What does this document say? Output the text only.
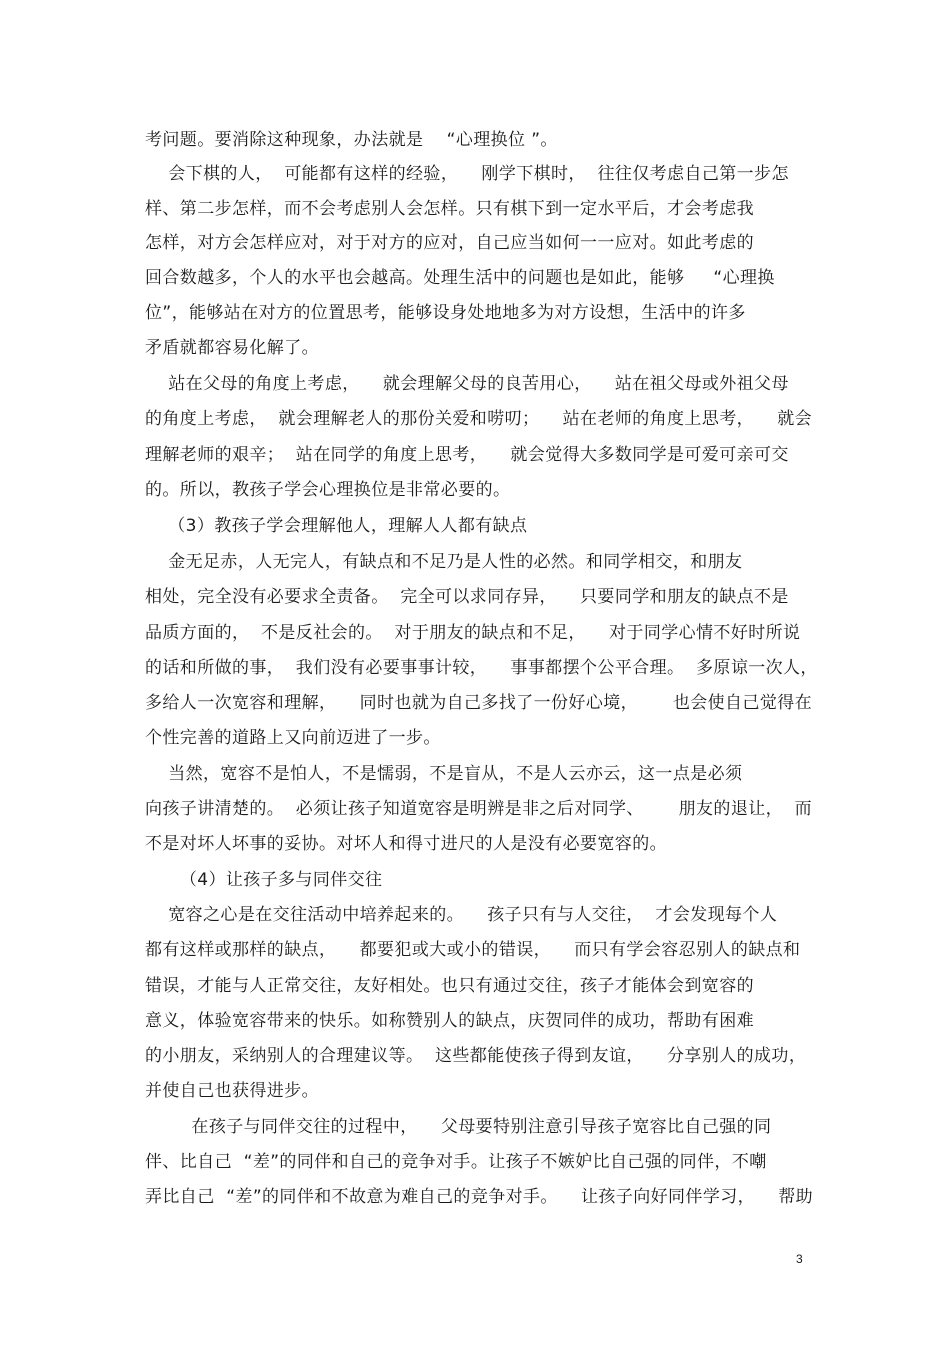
考问题。要消除这种现象，办法就是    “心理换位 ”。
会下棋的人，  可能都有这样的经验，    刚学下棋时，  往往仅考虑自己第一步怎
样、第二步怎样，而不会考虑别人会怎样。只有棋下到一定水平后，才会考虑我
怎样，对方会怎样应对，对于对方的应对，自己应当如何一一应对。如此考虑的
回合数越多，个人的水平也会越高。处理生活中的问题也是如此，能够     “心理换
位”，能够站在对方的位置思考，能够设身处地地多为对方设想，生活中的许多
矛盾就都容易化解了。
站在父母的角度上考虑，    就会理解父母的良苦用心，    站在祖父母或外祖父母
的角度上考虑，  就会理解老人的那份关爱和唠叨；    站在老师的角度上思考，    就会
理解老师的艰辛；  站在同学的角度上思考，    就会觉得大多数同学是可爱可亲可交
的。所以，教孩子学会心理换位是非常必要的。
（3）教孩子学会理解他人，理解人人都有缺点
金无足赤，人无完人，有缺点和不足乃是人性的必然。和同学相交，和朋友
相处，完全没有必要求全责备。  完全可以求同存异，    只要同学和朋友的缺点不是
品质方面的，  不是反社会的。  对于朋友的缺点和不足，    对于同学心情不好时所说
的话和所做的事，  我们没有必要事事计较，    事事都摆个公平合理。  多原谅一次人，
多给人一次宽容和理解，    同时也就为自己多找了一份好心境，      也会使自己觉得在
个性完善的道路上又向前迈进了一步。
当然，宽容不是怕人，不是懦弱，不是盲从，不是人云亦云，这一点是必须
向孩子讲清楚的。  必须让孩子知道宽容是明辨是非之后对同学、      朋友的退让，  而
不是对坏人坏事的妥协。对坏人和得寸进尺的人是没有必要宽容的。
（4）让孩子多与同伴交往
宽容之心是在交往活动中培养起来的。    孩子只有与人交往，  才会发现每个人
都有这样或那样的缺点，    都要犯或大或小的错误，    而只有学会容忍别人的缺点和
错误，才能与人正常交往，友好相处。也只有通过交往，孩子才能体会到宽容的
意义，体验宽容带来的快乐。如称赞别人的缺点，庆贺同伴的成功，帮助有困难
的小朋友，采纳别人的合理建议等。  这些都能使孩子得到友谊，    分享别人的成功，
并使自己也获得进步。
在孩子与同伴交往的过程中，    父母要特别注意引导孩子宽容比自己强的同
伴、比自己  “差”的同伴和自己的竞争对手。让孩子不嫉妒比自己强的同伴，不嘲
弄比自己  “差”的同伴和不故意为难自己的竞争对手。    让孩子向好同伴学习，    帮助
3
